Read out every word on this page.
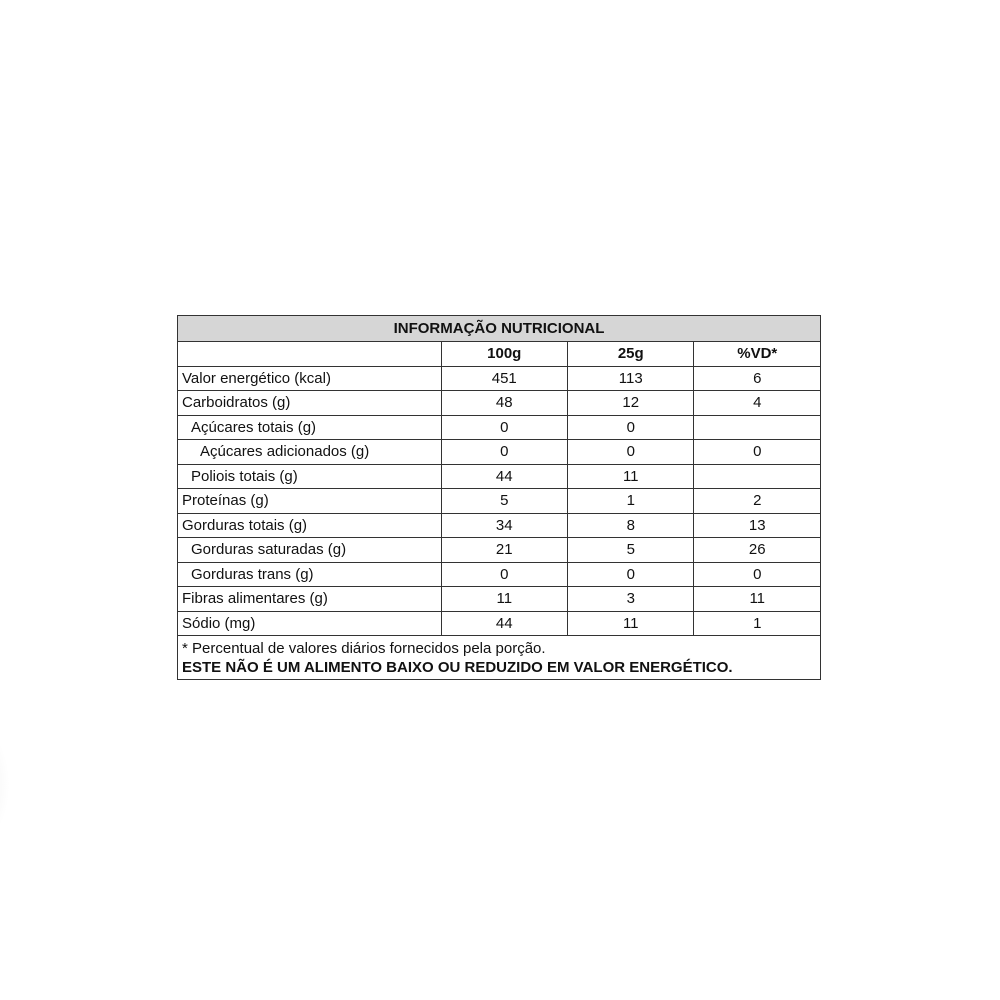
INFORMAÇÃO NUTRICIONAL			
	100g	25g	%VD*
Valor energético (kcal)	451	113	6
Carboidratos (g)	48	12	4
Açúcares totais (g)	0	0	
Açúcares adicionados (g)	0	0	0
Poliois totais (g)	44	11	
Proteínas (g)	5	1	2
Gorduras totais (g)	34	8	13
Gorduras saturadas (g)	21	5	26
Gorduras trans (g)	0	0	0
Fibras alimentares (g)	11	3	11
Sódio (mg)	44	11	1

* Percentual de valores diários fornecidos pela porção.
ESTE NÃO É UM ALIMENTO BAIXO OU REDUZIDO EM VALOR ENERGÉTICO.			
